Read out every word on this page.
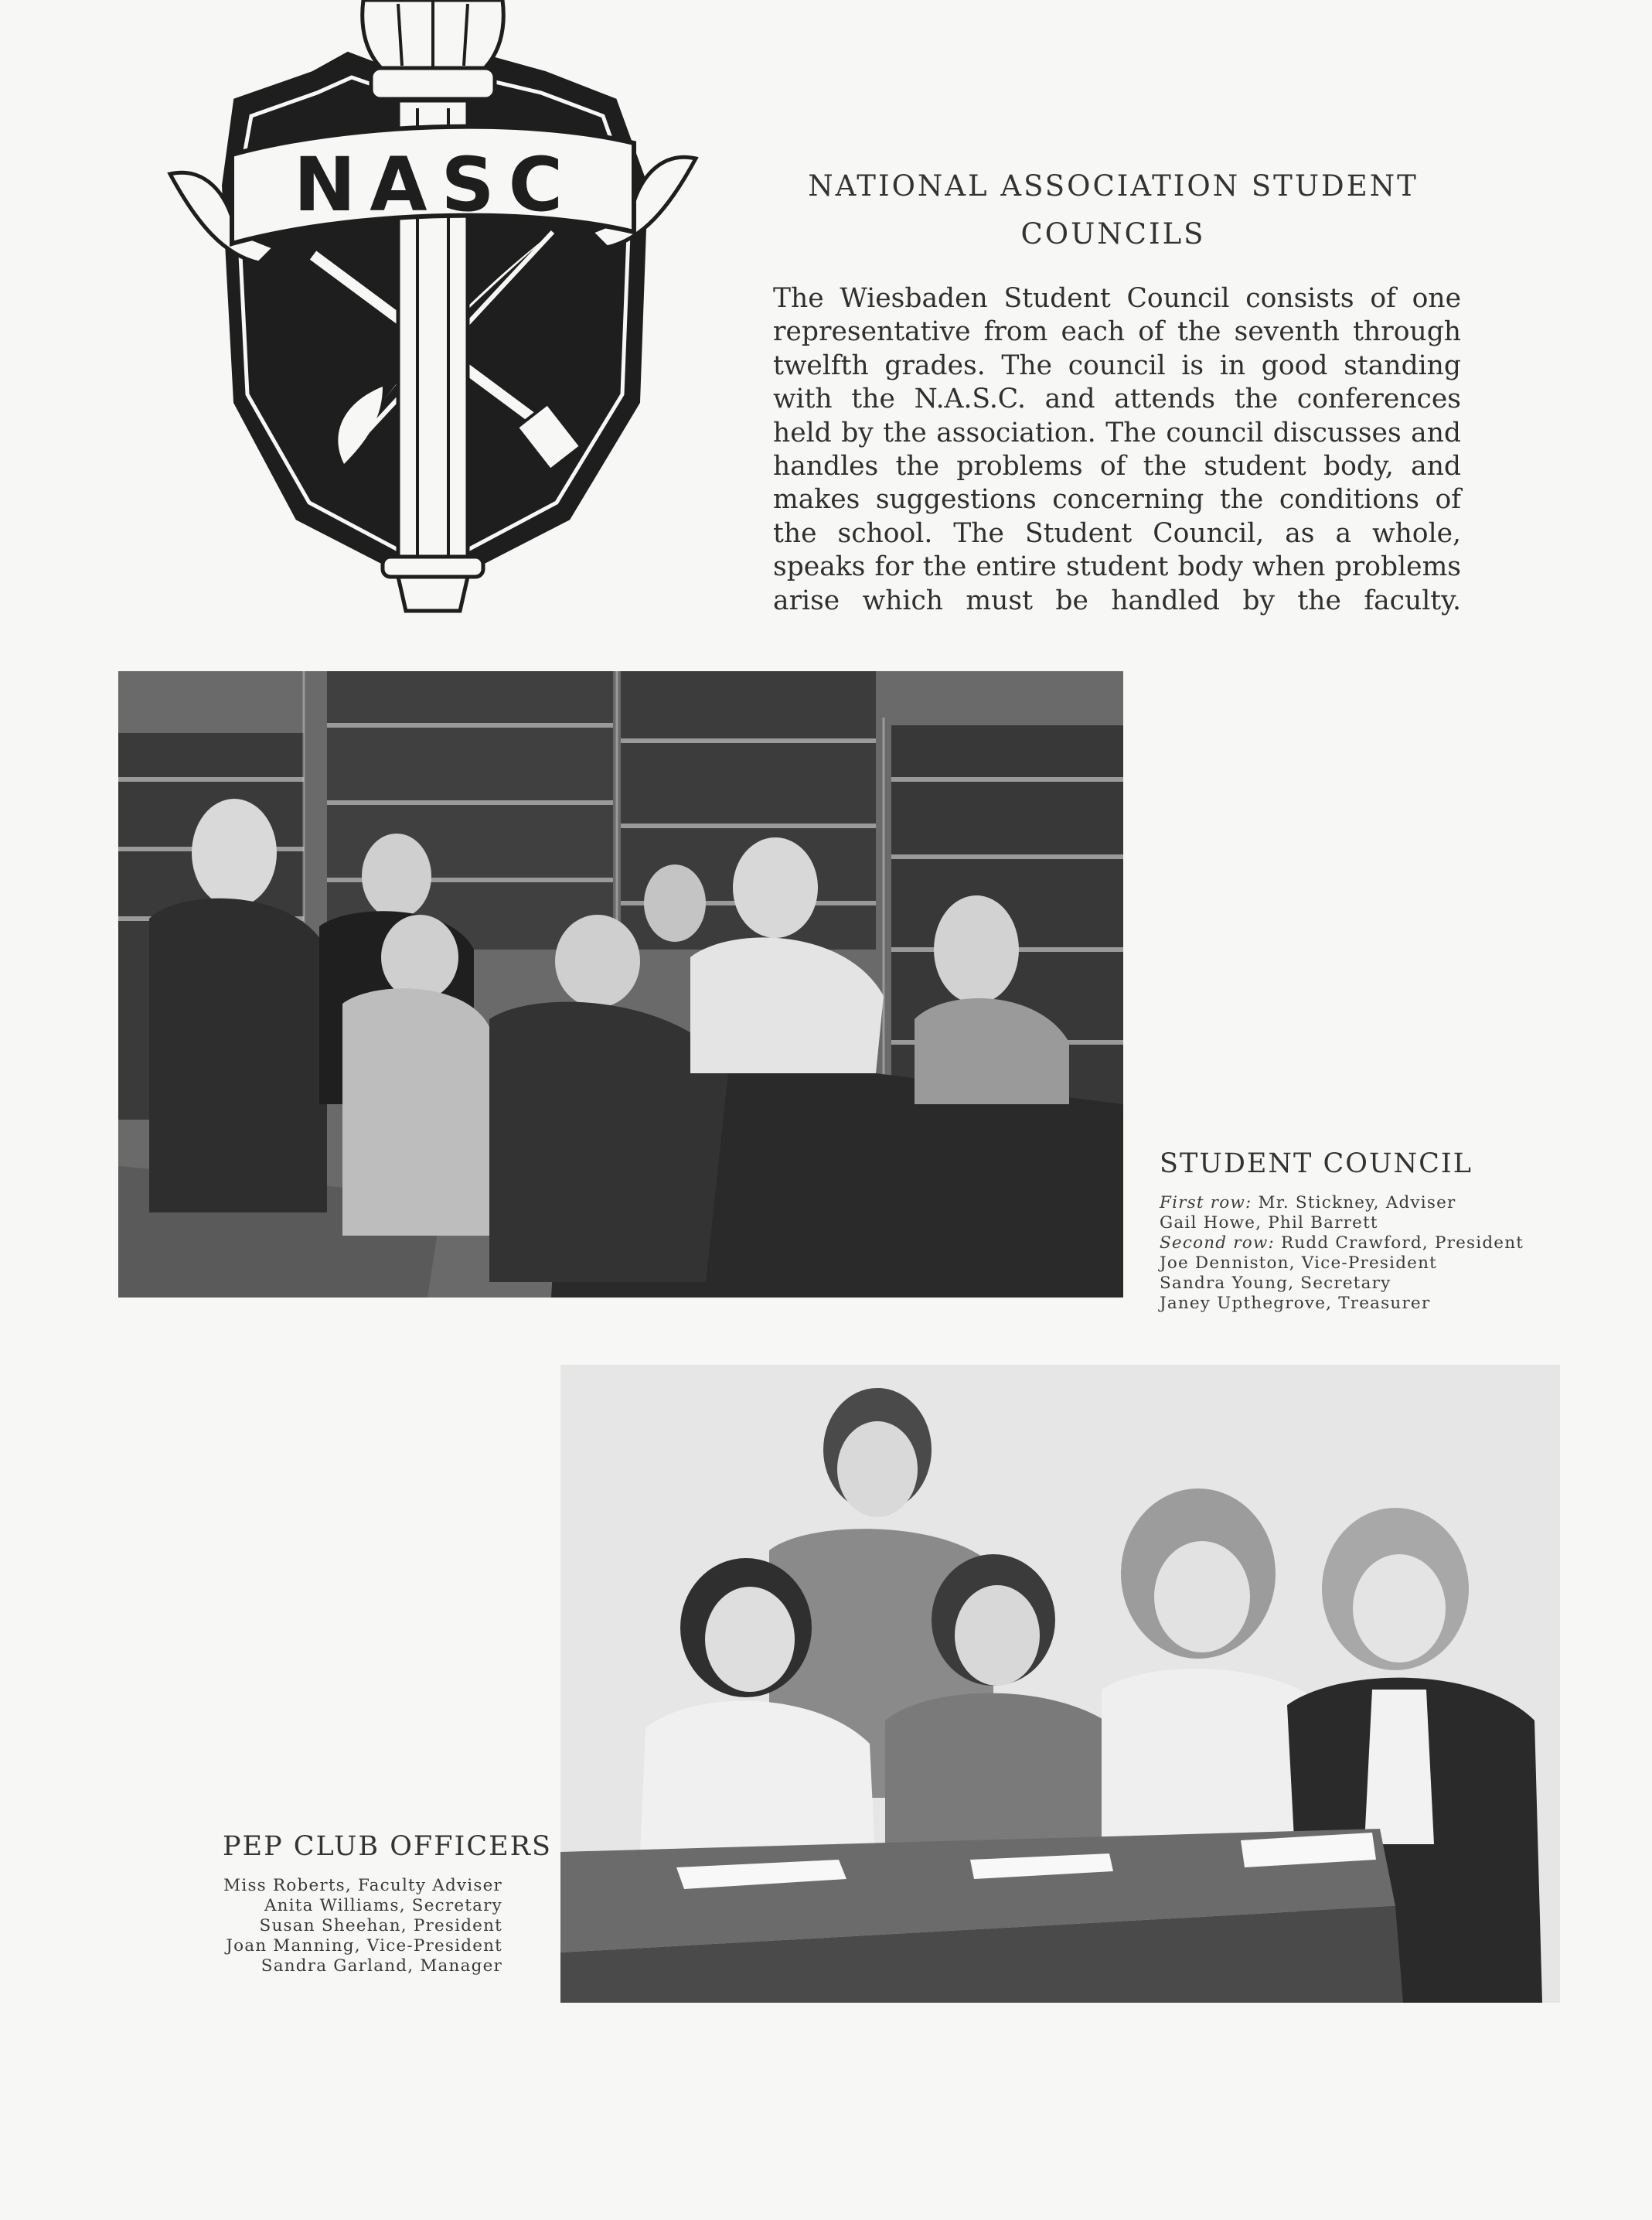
NASC	NATIONAL ASSOCIATION STUDENT
COUNCILS
The Wiesbaden Student Council consists of one representative from each of the seventh through twelfth grades. The council is in good standing with the N.A.S.C. and attends the conferences held by the association. The council discusses and handles the problems of the student body, and makes suggestions concerning the conditions of the school. The Student Council, as a whole, speaks for the entire student body when problems arise which must be handled by the faculty.
STUDENT COUNCIL
First row: Mr. Stickney, Adviser
Gail Howe, Phil Barrett
Second row: Rudd Crawford, President
Joe Denniston, Vice-President
Sandra Young, Secretary
Janey Upthegrove, Treasurer
PEP CLUB OFFICERS
Miss Roberts, Faculty Adviser
Anita Williams, Secretary
Susan Sheehan, President
Joan Manning, Vice-President
Sandra Garland, Manager
